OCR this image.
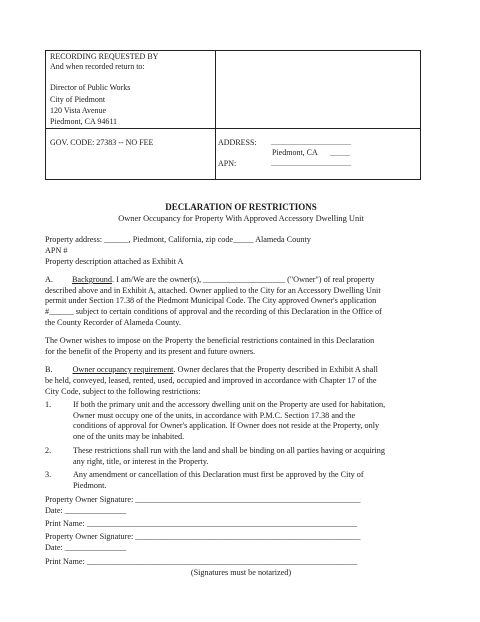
RECORDING REQUESTED BY
And when recorded return to:
Director of Public Works
City of Piedmont
120 Vista Avenue
Piedmont, CA 94611
GOV. CODE: 27383 -- NO FEE	ADDRESS: ____________________
Piedmont, CA _____
APN:	____________________
DECLARATION OF RESTRICTIONS
Owner Occupancy for Property With Approved Accessory Dwelling Unit
Property address: ______, Piedmont, California, zip code_____ Alameda County
APN #
Property description attached as Exhibit A
A. Background. I am/We are the owner(s), ____________________ ("Owner") of real property
described above and in Exhibit A, attached. Owner applied to the City for an Accessory Dwelling Unit
permit under Section 17.38 of the Piedmont Municipal Code. The City approved Owner's application
#______ subject to certain conditions of approval and the recording of this Declaration in the Office of
the County Recorder of Alameda County.
The Owner wishes to impose on the Property the beneficial restrictions contained in this Declaration
for the benefit of the Property and its present and future owners.
B. Owner occupancy requirement. Owner declares that the Property described in Exhibit A shall
be held, conveyed, leased, rented, used, occupied and improved in accordance with Chapter 17 of the
City Code, subject to the following restrictions:
1.	If both the primary unit and the accessory dwelling unit on the Property are used for habitation,
Owner must occupy one of the units, in accordance with P.M.C. Section 17.38 and the
conditions of approval for Owner's application. If Owner does not reside at the Property, only
one of the units may be inhabited.
2.	These restrictions shall run with the land and shall be binding on all parties having or acquiring
any right, title, or interest in the Property.
3.	Any amendment or cancellation of this Declaration must first be approved by the City of
Piedmont.
Property Owner Signature: _______________________________________________________
Date: _______________
Print Name: __________________________________________________________________
Property Owner Signature: _______________________________________________________
Date: _______________
Print Name: __________________________________________________________________
(Signatures must be notarized)
